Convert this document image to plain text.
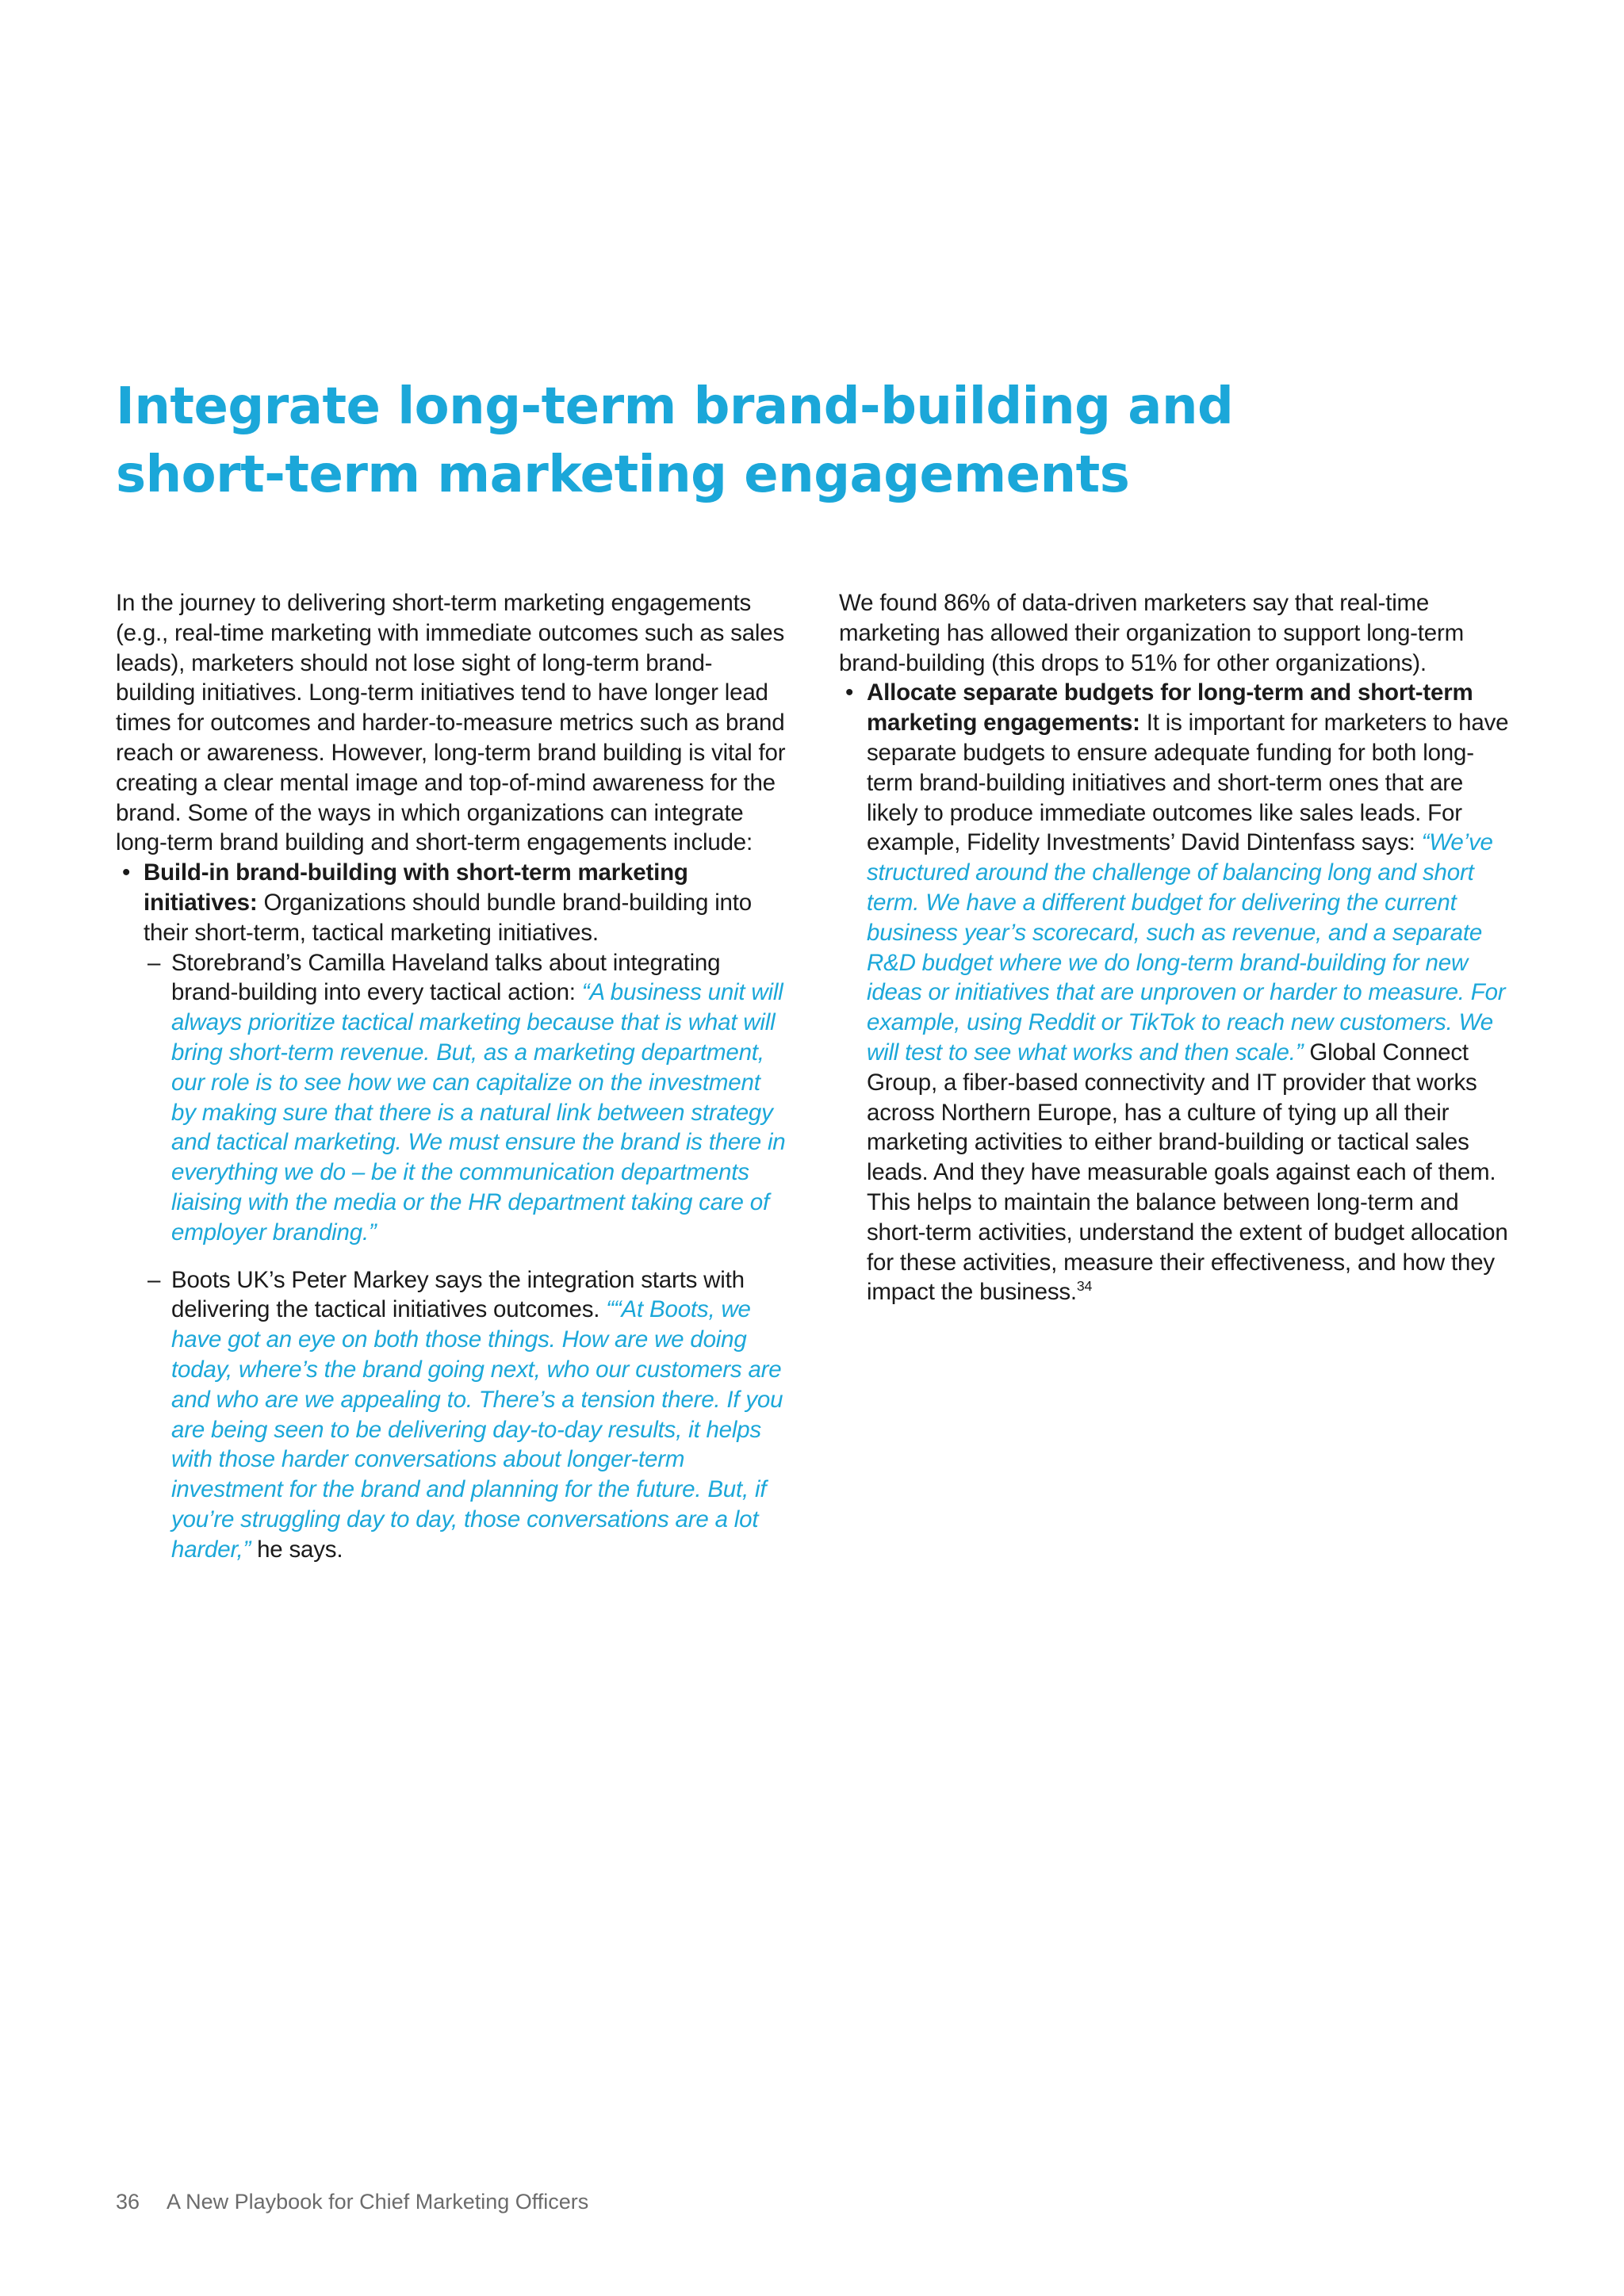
Integrate long-term brand-building and short-term marketing engagements

In the journey to delivering short-term marketing engagements (e.g., real-time marketing with immediate outcomes such as sales leads), marketers should not lose sight of long-term brand-building initiatives. Long-term initiatives tend to have longer lead times for outcomes and harder-to-measure metrics such as brand reach or awareness. However, long-term brand building is vital for creating a clear mental image and top-of-mind awareness for the brand. Some of the ways in which organizations can integrate long-term brand building and short-term engagements include:

• Build-in brand-building with short-term marketing initiatives: Organizations should bundle brand-building into their short-term, tactical marketing initiatives.
– Storebrand’s Camilla Haveland talks about integrating brand-building into every tactical action: “A business unit will always prioritize tactical marketing because that is what will bring short-term revenue. But, as a marketing department, our role is to see how we can capitalize on the investment by making sure that there is a natural link between strategy and tactical marketing. We must ensure the brand is there in everything we do – be it the communication departments liaising with the media or the HR department taking care of employer branding.”
– Boots UK’s Peter Markey says the integration starts with delivering the tactical initiatives outcomes. ““At Boots, we have got an eye on both those things. How are we doing today, where’s the brand going next, who our customers are and who are we appealing to. There’s a tension there. If you are being seen to be delivering day-to-day results, it helps with those harder conversations about longer-term investment for the brand and planning for the future. But, if you’re struggling day to day, those conversations are a lot harder,” he says.

We found 86% of data-driven marketers say that real-time marketing has allowed their organization to support long-term brand-building (this drops to 51% for other organizations).

• Allocate separate budgets for long-term and short-term marketing engagements: It is important for marketers to have separate budgets to ensure adequate funding for both long-term brand-building initiatives and short-term ones that are likely to produce immediate outcomes like sales leads. For example, Fidelity Investments’ David Dintenfass says: “We’ve structured around the challenge of balancing long and short term. We have a different budget for delivering the current business year’s scorecard, such as revenue, and a separate R&D budget where we do long-term brand-building for new ideas or initiatives that are unproven or harder to measure. For example, using Reddit or TikTok to reach new customers. We will test to see what works and then scale.” Global Connect Group, a fiber-based connectivity and IT provider that works across Northern Europe, has a culture of tying up all their marketing activities to either brand-building or tactical sales leads. And they have measurable goals against each of them. This helps to maintain the balance between long-term and short-term activities, understand the extent of budget allocation for these activities, measure their effectiveness, and how they impact the business.$^{34}$
36 A New Playbook for Chief Marketing Officers
